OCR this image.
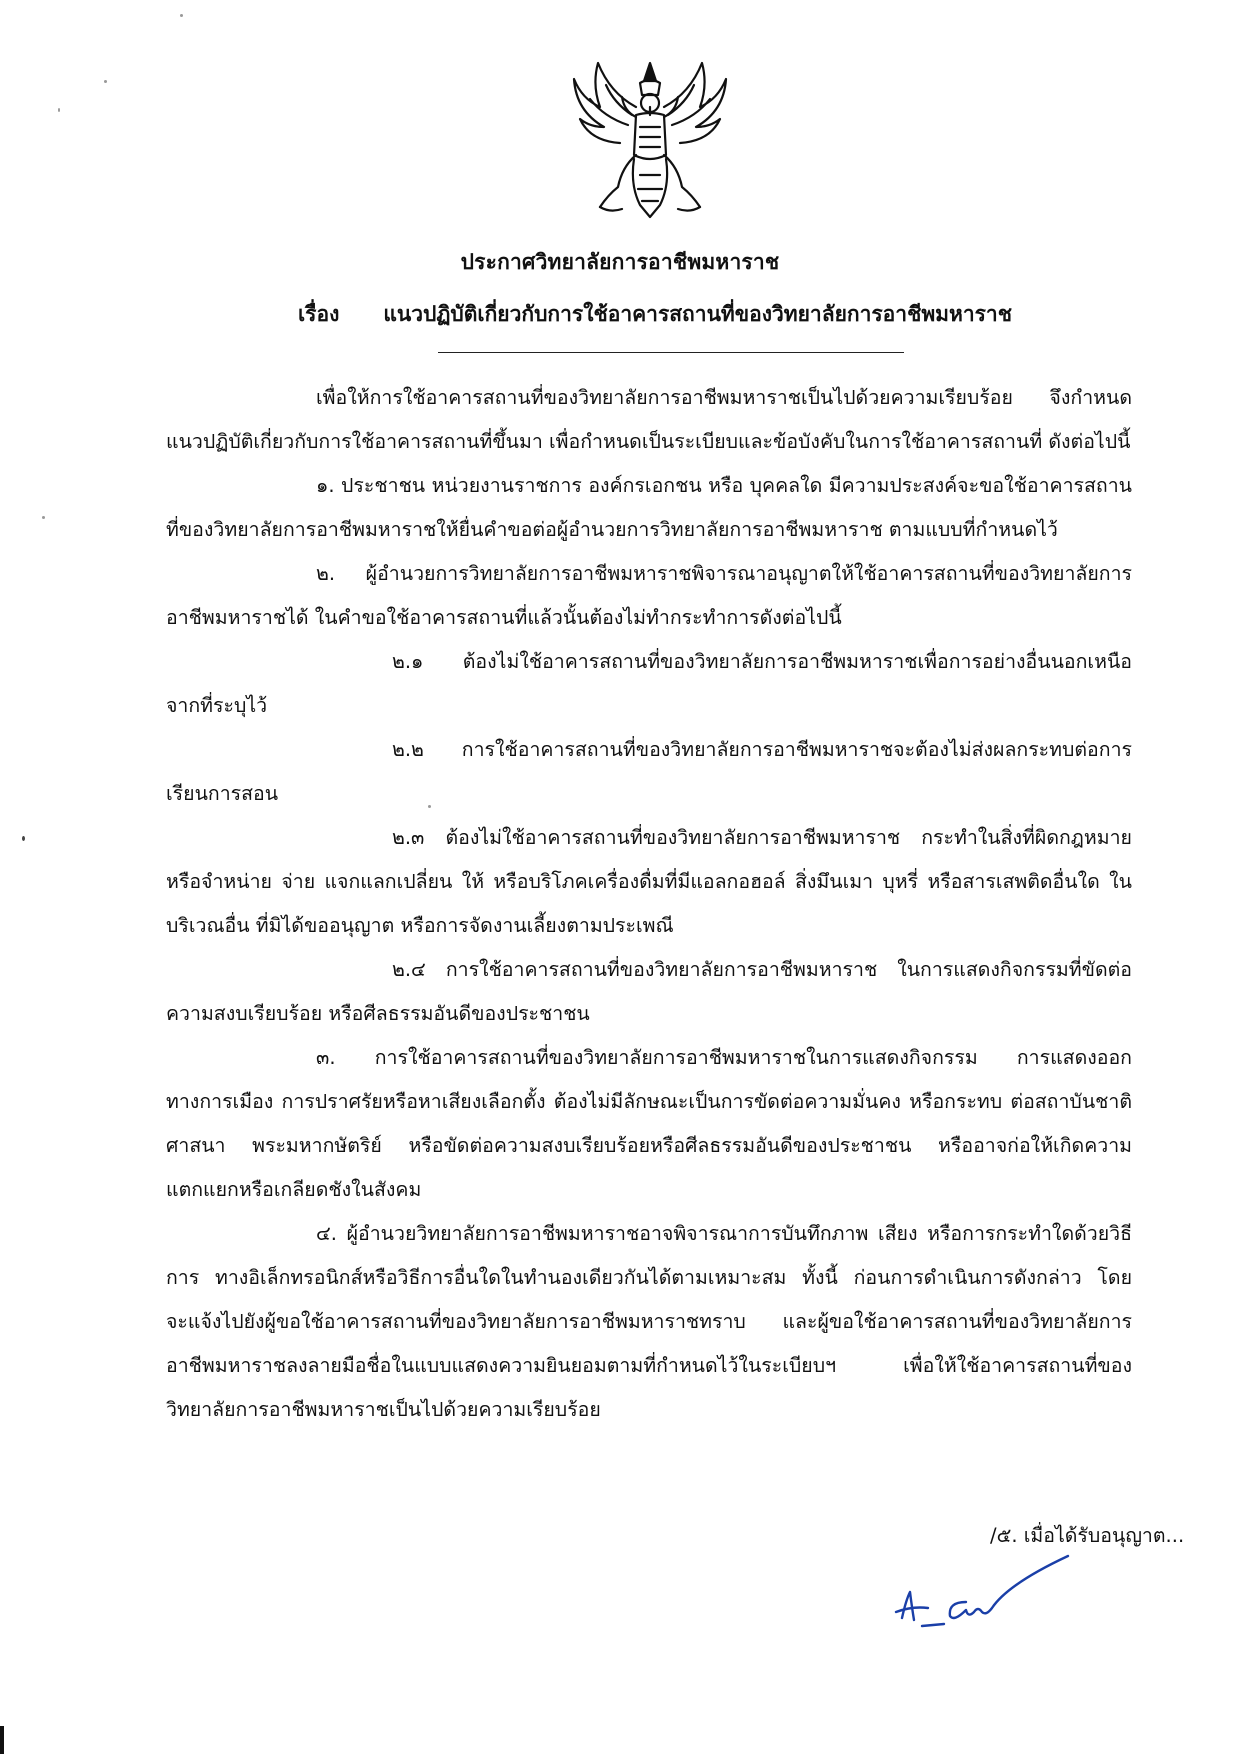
ประกาศวิทยาลัยการอาชีพมหาราช
เรื่อง แนวปฏิบัติเกี่ยวกับการใช้อาคารสถานที่ของวิทยาลัยการอาชีพมหาราช

เพื่อให้การใช้อาคารสถานที่ของวิทยาลัยการอาชีพมหาราชเป็นไปด้วยความเรียบร้อย จึงกำหนดแนวปฏิบัติเกี่ยวกับการใช้อาคารสถานที่ขึ้นมา เพื่อกำหนดเป็นระเบียบและข้อบังคับในการใช้อาคารสถานที่ ดังต่อไปนี้

๑. ประชาชน หน่วยงานราชการ องค์กรเอกชน หรือ บุคคลใด มีความประสงค์จะขอใช้อาคารสถานที่ของวิทยาลัยการอาชีพมหาราชให้ยื่นคำขอต่อผู้อำนวยการวิทยาลัยการอาชีพมหาราช ตามแบบที่กำหนดไว้

๒. ผู้อำนวยการวิทยาลัยการอาชีพมหาราชพิจารณาอนุญาตให้ใช้อาคารสถานที่ของวิทยาลัยการอาชีพมหาราชได้ ในคำขอใช้อาคารสถานที่แล้วนั้นต้องไม่ทำกระทำการดังต่อไปนี้

๒.๑ ต้องไม่ใช้อาคารสถานที่ของวิทยาลัยการอาชีพมหาราชเพื่อการอย่างอื่นนอกเหนือจากที่ระบุไว้

๒.๒ การใช้อาคารสถานที่ของวิทยาลัยการอาชีพมหาราชจะต้องไม่ส่งผลกระทบต่อการเรียนการสอน

๒.๓ ต้องไม่ใช้อาคารสถานที่ของวิทยาลัยการอาชีพมหาราช กระทำในสิ่งที่ผิดกฎหมาย หรือจำหน่าย จ่าย แจกแลกเปลี่ยน ให้ หรือบริโภคเครื่องดื่มที่มีแอลกอฮอล์ สิ่งมึนเมา บุหรี่ หรือสารเสพติดอื่นใด ในบริเวณอื่น ที่มิได้ขออนุญาต หรือการจัดงานเลี้ยงตามประเพณี

๒.๔ การใช้อาคารสถานที่ของวิทยาลัยการอาชีพมหาราช ในการแสดงกิจกรรมที่ขัดต่อความสงบเรียบร้อย หรือศีลธรรมอันดีของประชาชน

๓. การใช้อาคารสถานที่ของวิทยาลัยการอาชีพมหาราชในการแสดงกิจกรรม การแสดงออกทางการเมือง การปราศรัยหรือหาเสียงเลือกตั้ง ต้องไม่มีลักษณะเป็นการขัดต่อความมั่นคง หรือกระทบ ต่อสถาบันชาติ ศาสนา พระมหากษัตริย์ หรือขัดต่อความสงบเรียบร้อยหรือศีลธรรมอันดีของประชาชน หรืออาจก่อให้เกิดความแตกแยกหรือเกลียดชังในสังคม

๔. ผู้อำนวยวิทยาลัยการอาชีพมหาราชอาจพิจารณาการบันทึกภาพ เสียง หรือการกระทำใดด้วยวิธีการ ทางอิเล็กทรอนิกส์หรือวิธีการอื่นใดในทำนองเดียวกันได้ตามเหมาะสม ทั้งนี้ ก่อนการดำเนินการดังกล่าว โดยจะแจ้งไปยังผู้ขอใช้อาคารสถานที่ของวิทยาลัยการอาชีพมหาราชทราบ และผู้ขอใช้อาคารสถานที่ของวิทยาลัยการอาชีพมหาราชลงลายมือชื่อในแบบแสดงความยินยอมตามที่กำหนดไว้ในระเบียบฯ เพื่อให้ใช้อาคารสถานที่ของวิทยาลัยการอาชีพมหาราชเป็นไปด้วยความเรียบร้อย

/๕. เมื่อได้รับอนุญาต...
